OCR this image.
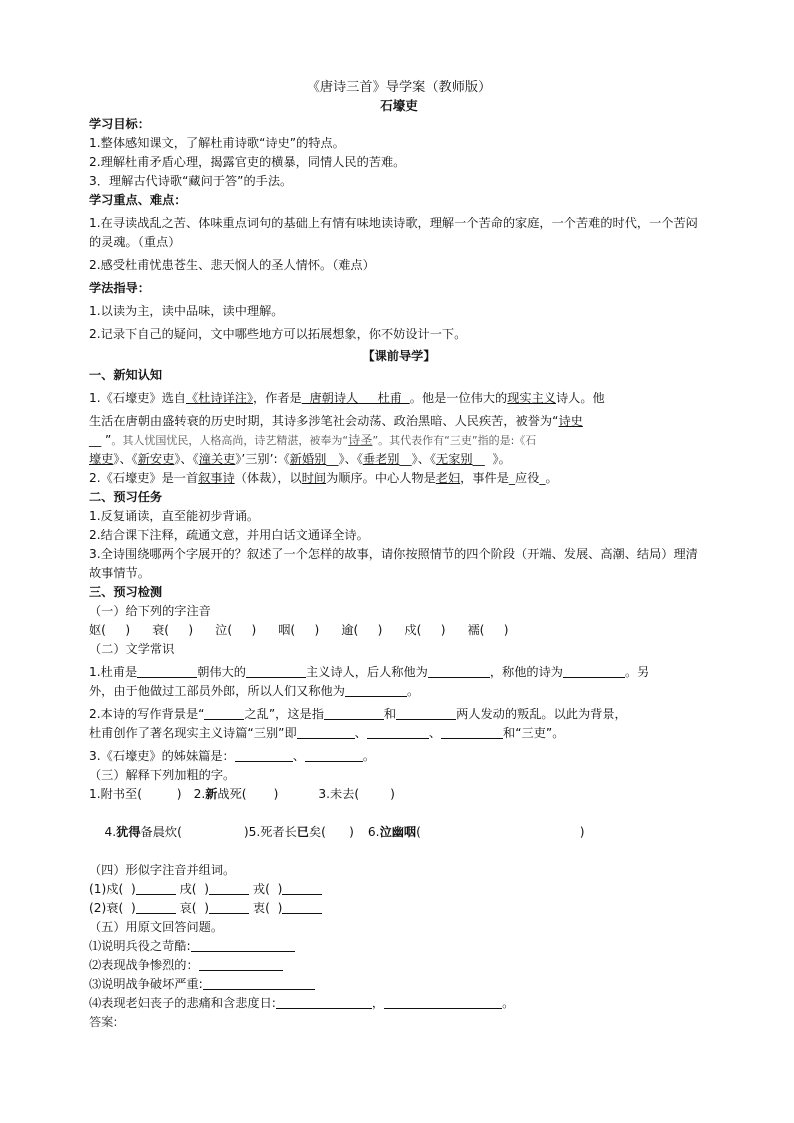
《唐诗三首》导学案（教师版）

石壕吏
学习目标：
1.整体感知课文，了解杜甫诗歌“诗史”的特点。
2.理解杜甫矛盾心理，揭露官吏的横暴，同情人民的苦难。
3．理解古代诗歌“藏问于答”的手法。
学习重点、难点：
1.在寻读战乱之苦、体味重点词句的基础上有情有味地读诗歌，理解一个苦命的家庭，一个苦难的时代，一个苦闷的灵魂。（重点）
2.感受杜甫忧患苍生、悲天悯人的圣人情怀。（难点）
学法指导：
1.以读为主，读中品味，读中理解。
2.记录下自己的疑问，文中哪些地方可以拓展想象，你不妨设计一下。
【课前导学】
一、新知认知
1.《石壕吏》选自《杜诗详注》，作者是  唐朝诗人     杜甫  。他是一位伟大的现实主义诗人。他
生活在唐朝由盛转衰的历史时期，其诗多涉笔社会动荡、政治黑暗、人民疾苦，被誉为“诗史
__ ”。其人忧国忧民，人格高尚，诗艺精湛，被奉为“诗圣”。其代表作有“三吏”指的是:《石
壕吏》、《新安吏》、《潼关吏》’三别’:《新婚别__》、《垂老别__》、《无家别__  》。
2.《石壕吏》是一首叙事诗（体裁），以时间为顺序。中心人物是老妇，事件是_应役_。
二、预习任务
1.反复诵读，直至能初步背诵。
2.结合课下注释，疏通文意，并用白话文通译全诗。
3.全诗围绕哪两个字展开的？叙述了一个怎样的故事，请你按照情节的四个阶段（开端、发展、高潮、结局）理清故事情节。
三、预习检测
（一）给下列的字注音
妪(     ) 衰(     ) 泣(     ) 咽(     ) 逾(     ) 戍(     ) 襦(     )
（二）文学常识
1.杜甫是	朝伟大的	主义诗人，后人称他为	，称他的诗为	。另
外，由于他做过工部员外郎，所以人们又称他为	。
2.本诗的写作背景是“	之乱”，这是指	和	两人发动的叛乱。以此为背景，
杜甫创作了著名现实主义诗篇“三别”即	、	、	和“三吏”。
3.《石壕吏》的姊妹篇是：	、	。
（三）解释下列加粗的字。
1.附书至(         ) 2.新战死(       )	3.未去(        )

4.犹得备晨炊(                )5.死者长已矣(      ) 6.泣幽咽(                                         )

（四）形似字注音并组词。
(1)戍(  )	戌(  )	戎(  )
(2)衰(  )	哀(  )	衷(  )
（五）用原文回答问题。
⑴说明兵役之苛酷:
⑵表现战争惨烈的：
⑶说明战争破坏严重:
⑷表现老妇丧子的悲痛和含悲度日:	，	。
答案:
